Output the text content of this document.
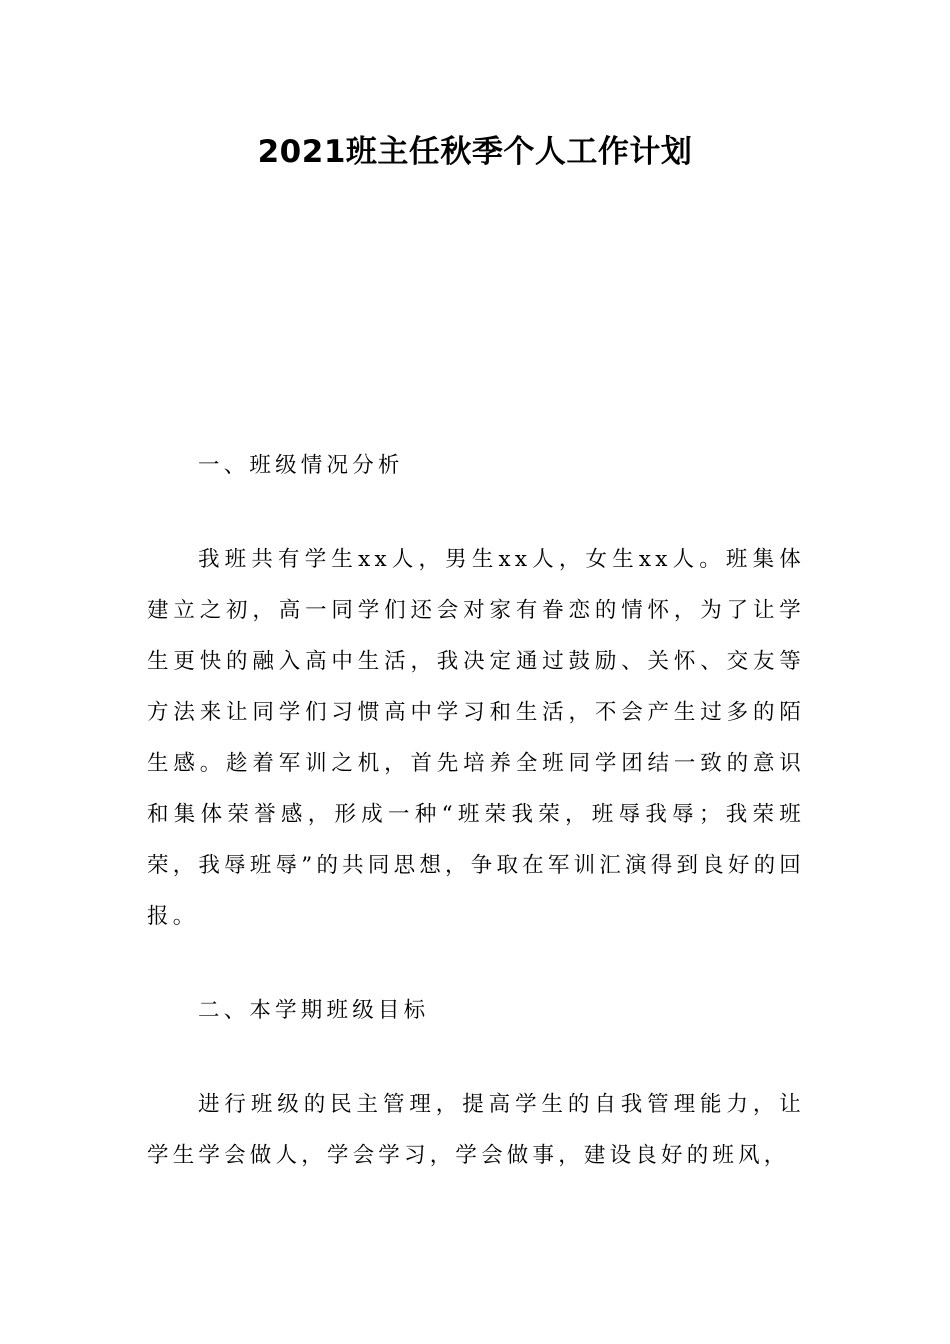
2021班主任秋季个人工作计划

一、班级情况分析

我班共有学生xx人，男生xx人，女生xx人。班集体建立之初，高一同学们还会对家有眷恋的情怀，为了让学生更快的融入高中生活，我决定通过鼓励、关怀、交友等方法来让同学们习惯高中学习和生活，不会产生过多的陌生感。趁着军训之机，首先培养全班同学团结一致的意识和集体荣誉感，形成一种“班荣我荣，班辱我辱；我荣班荣，我辱班辱”的共同思想，争取在军训汇演得到良好的回报。

二、本学期班级目标

进行班级的民主管理，提高学生的自我管理能力，让学生学会做人，学会学习，学会做事，建设良好的班风，
